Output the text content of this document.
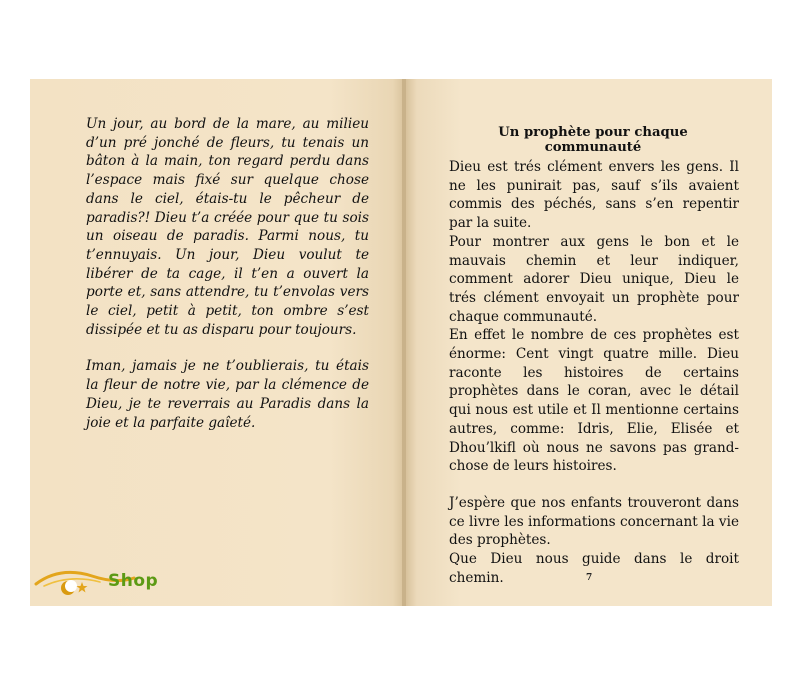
Un jour, au bord de la mare, au milieu d’un pré jonché de fleurs, tu tenais un bâton à la main, ton regard perdu dans l’espace mais fixé sur quelque chose dans le ciel, étais-tu le pêcheur de paradis?! Dieu t’a créée pour que tu sois un oiseau de paradis. Parmi nous, tu t’ennuyais. Un jour, Dieu voulut te libérer de ta cage, il t’en a ouvert la porte et, sans attendre, tu t’envolas vers le ciel, petit à petit, ton ombre s’est dissipée et tu as disparu pour toujours.

Iman, jamais je ne t’oublierais, tu étais la fleur de notre vie, par la clémence de Dieu, je te reverrais au Paradis dans la joie et la parfaite gaîeté.

Un prophète pour chaque communauté

Dieu est trés clément envers les gens. Il ne les punirait pas, sauf s’ils avaient commis des péchés, sans s’en repentir par la suite.

Pour montrer aux gens le bon et le mauvais chemin et leur indiquer, comment adorer Dieu unique, Dieu le trés clément envoyait un prophète pour chaque communauté.

En effet le nombre de ces prophètes est énorme: Cent vingt quatre mille. Dieu raconte les histoires de certains prophètes dans le coran, avec le détail qui nous est utile et Il mentionne certains autres, comme: Idris, Elie, Elisée et Dhou’lkifl où nous ne savons pas grand-chose de leurs histoires.

J’espère que nos enfants trouveront dans ce livre les informations concernant la vie des prophètes.

Que Dieu nous guide dans le droit chemin.	7
Shop
